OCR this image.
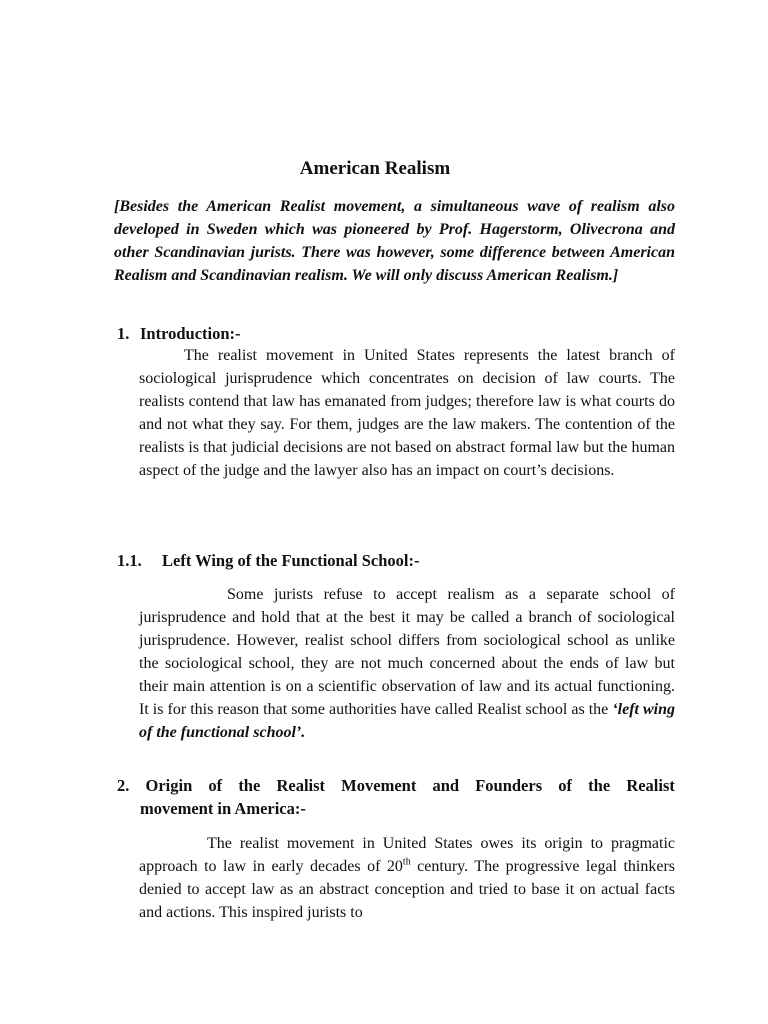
American Realism
[Besides the American Realist movement, a simultaneous wave of realism also developed in Sweden which was pioneered by Prof. Hagerstorm, Olivecrona and other Scandinavian jurists. There was however, some difference between American Realism and Scandinavian realism. We will only discuss American Realism.]
1. Introduction:-
The realist movement in United States represents the latest branch of sociological jurisprudence which concentrates on decision of law courts. The realists contend that law has emanated from judges; therefore law is what courts do and not what they say. For them, judges are the law makers. The contention of the realists is that judicial decisions are not based on abstract formal law but the human aspect of the judge and the lawyer also has an impact on court’s decisions.
1.1. Left Wing of the Functional School:-
Some jurists refuse to accept realism as a separate school of jurisprudence and hold that at the best it may be called a branch of sociological jurisprudence. However, realist school differs from sociological school as unlike the sociological school, they are not much concerned about the ends of law but their main attention is on a scientific observation of law and its actual functioning. It is for this reason that some authorities have called Realist school as the ‘left wing of the functional school’.
2. Origin of the Realist Movement and Founders of the Realist
movement in America:-
The realist movement in United States owes its origin to pragmatic approach to law in early decades of 20th century. The progressive legal thinkers denied to accept law as an abstract conception and tried to base it on actual facts and actions. This inspired jurists to
